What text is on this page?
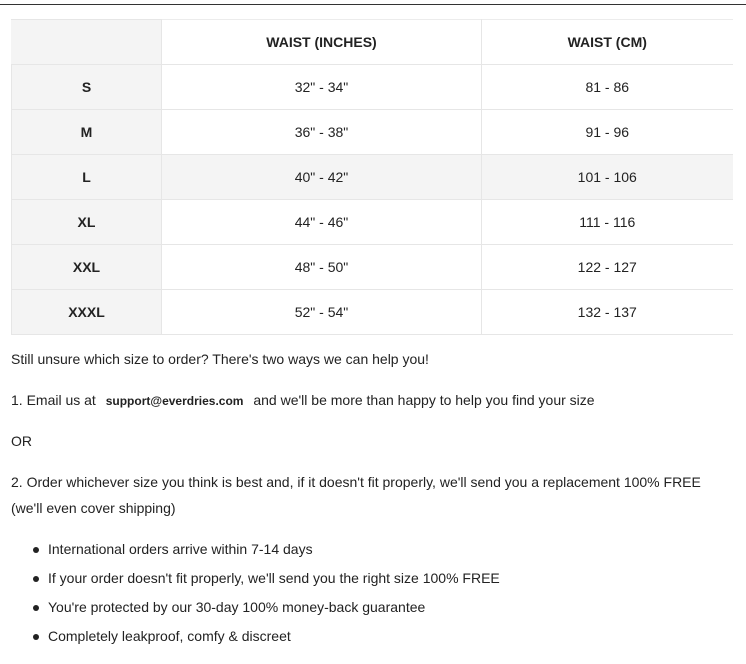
	WAIST (INCHES)	WAIST (CM)
S	32" - 34"	81 - 86
M	36" - 38"	91 - 96
L	40" - 42"	101 - 106
XL	44" - 46"	111 - 116
XXL	48" - 50"	122 - 127
XXXL	52" - 54"	132 - 137

Still unsure which size to order? There's two ways we can help you!

1. Email us at support@everdries.com and we'll be more than happy to help you find your size

OR

2. Order whichever size you think is best and, if it doesn't fit properly, we'll send you a replacement 100% FREE (we'll even cover shipping)

International orders arrive within 7-14 days
If your order doesn't fit properly, we'll send you the right size 100% FREE
You're protected by our 30-day 100% money-back guarantee
Completely leakproof, comfy & discreet
